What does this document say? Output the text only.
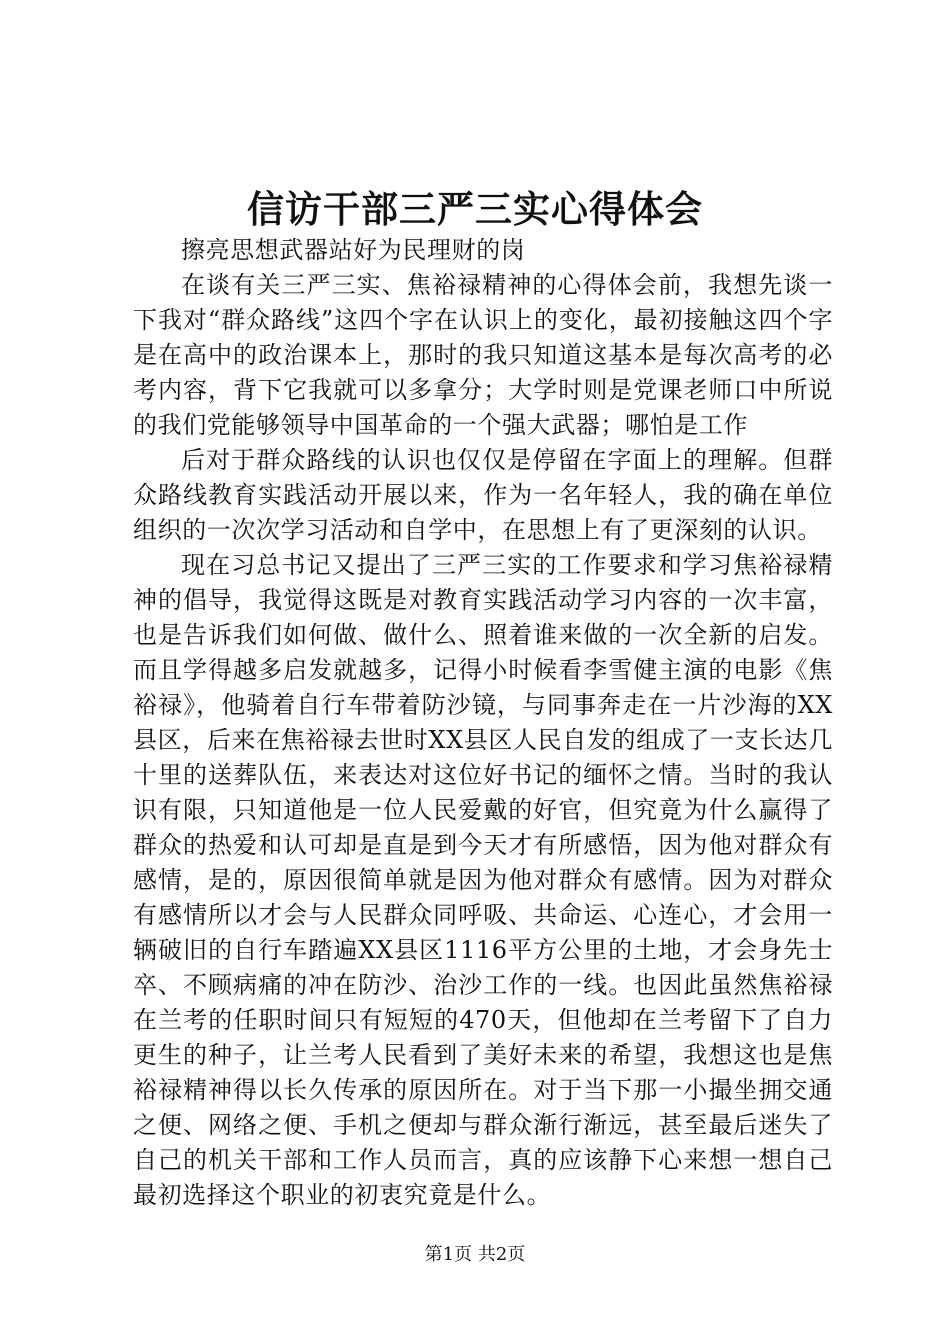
信访干部三严三实心得体会

擦亮思想武器站好为民理财的岗

在谈有关三严三实、焦裕禄精神的心得体会前，我想先谈一下我对“群众路线”这四个字在认识上的变化，最初接触这四个字是在高中的政治课本上，那时的我只知道这基本是每次高考的必考内容，背下它我就可以多拿分；大学时则是党课老师口中所说的我们党能够领导中国革命的一个强大武器；哪怕是工作

后对于群众路线的认识也仅仅是停留在字面上的理解。但群众路线教育实践活动开展以来，作为一名年轻人，我的确在单位组织的一次次学习活动和自学中，在思想上有了更深刻的认识。

现在习总书记又提出了三严三实的工作要求和学习焦裕禄精神的倡导，我觉得这既是对教育实践活动学习内容的一次丰富，也是告诉我们如何做、做什么、照着谁来做的一次全新的启发。而且学得越多启发就越多，记得小时候看李雪健主演的电影《焦裕禄》，他骑着自行车带着防沙镜，与同事奔走在一片沙海的XX县区，后来在焦裕禄去世时XX县区人民自发的组成了一支长达几十里的送葬队伍，来表达对这位好书记的缅怀之情。当时的我认识有限，只知道他是一位人民爱戴的好官，但究竟为什么赢得了群众的热爱和认可却是直是到今天才有所感悟，因为他对群众有感情，是的，原因很简单就是因为他对群众有感情。因为对群众有感情所以才会与人民群众同呼吸、共命运、心连心，才会用一辆破旧的自行车踏遍XX县区1116平方公里的土地，才会身先士卒、不顾病痛的冲在防沙、治沙工作的一线。也因此虽然焦裕禄在兰考的任职时间只有短短的470天，但他却在兰考留下了自力更生的种子，让兰考人民看到了美好未来的希望，我想这也是焦裕禄精神得以长久传承的原因所在。对于当下那一小撮坐拥交通之便、网络之便、手机之便却与群众渐行渐远，甚至最后迷失了自己的机关干部和工作人员而言，真的应该静下心来想一想自己最初选择这个职业的初衷究竟是什么。

第1页 共2页
